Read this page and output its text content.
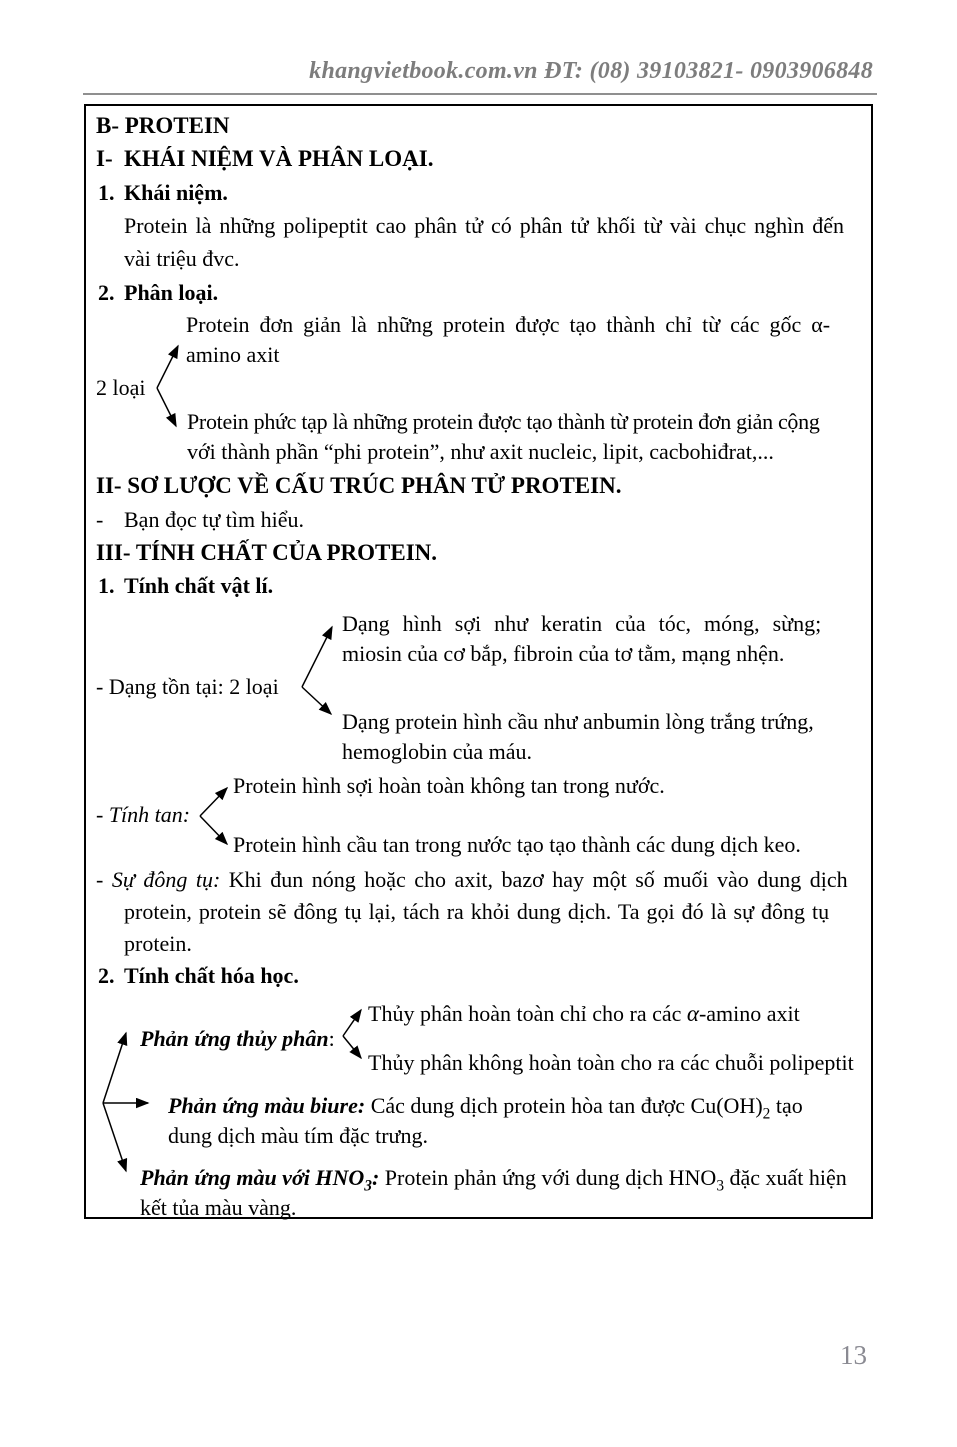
khangvietbook.com.vn ĐT: (08) 39103821- 0903906848
B- PROTEIN
I- KHÁI NIỆM VÀ PHÂN LOẠI.
1. Khái niệm.
Protein là những polipeptit cao phân tử có phân tử khối từ vài chục nghìn đến
vài triệu đvc.
2. Phân loại.
Protein đơn giản là những protein được tạo thành chỉ từ các gốc α-
amino axit
2 loại
Protein phức tạp là những protein được tạo thành từ protein đơn giản cộng
với thành phần “phi protein”, như axit nucleic, lipit, cacbohiđrat,...
II- SƠ LƯỢC VỀ CẤU TRÚC PHÂN TỬ PROTEIN.
- Bạn đọc tự tìm hiểu.
III- TÍNH CHẤT CỦA PROTEIN.
1. Tính chất vật lí.
Dạng hình sợi như keratin của tóc, móng, sừng;
miosin của cơ bắp, fibroin của tơ tằm, mạng nhện.
- Dạng tồn tại: 2 loại
Dạng protein hình cầu như anbumin lòng trắng trứng,
hemoglobin của máu.
Protein hình sợi hoàn toàn không tan trong nước.
- Tính tan:
Protein hình cầu tan trong nước tạo tạo thành các dung dịch keo.
- Sự đông tụ: Khi đun nóng hoặc cho axit, bazơ hay một số muối vào dung dịch
protein, protein sẽ đông tụ lại, tách ra khỏi dung dịch. Ta gọi đó là sự đông tụ
protein.
2. Tính chất hóa học.
Thủy phân hoàn toàn chỉ cho ra các α-amino axit
Phản ứng thủy phân:
Thủy phân không hoàn toàn cho ra các chuỗi polipeptit
Phản ứng màu biure: Các dung dịch protein hòa tan được $Cu(OH)_2$ tạo
dung dịch màu tím đặc trưng.
Phản ứng màu với $HNO_3$: Protein phản ứng với dung dịch $HNO_3$ đặc xuất hiện
kết tủa màu vàng.
13
